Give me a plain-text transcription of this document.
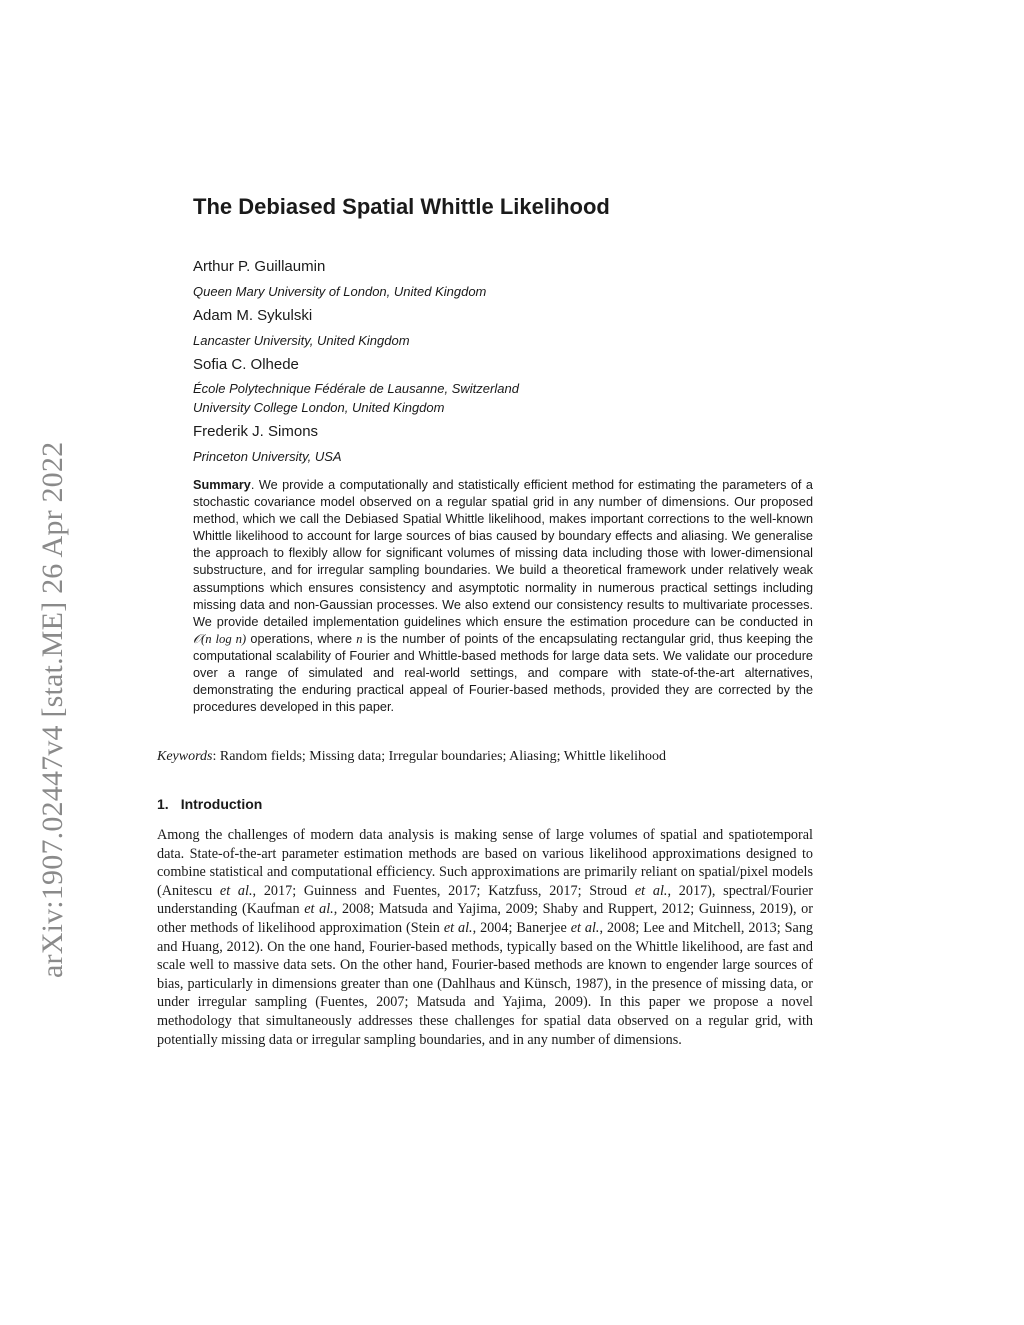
arXiv:1907.02447v4 [stat.ME] 26 Apr 2022
The Debiased Spatial Whittle Likelihood
Arthur P. Guillaumin
Queen Mary University of London, United Kingdom
Adam M. Sykulski
Lancaster University, United Kingdom
Sofia C. Olhede
École Polytechnique Fédérale de Lausanne, Switzerland
University College London, United Kingdom
Frederik J. Simons
Princeton University, USA

Summary. We provide a computationally and statistically efficient method for estimating the parameters of a stochastic covariance model observed on a regular spatial grid in any number of dimensions. Our proposed method, which we call the Debiased Spatial Whittle likelihood, makes important corrections to the well-known Whittle likelihood to account for large sources of bias caused by boundary effects and aliasing. We generalise the approach to flexibly allow for significant volumes of missing data including those with lower-dimensional substructure, and for irregular sampling boundaries. We build a theoretical framework under relatively weak assumptions which ensures consistency and asymptotic normality in numerous practical settings including missing data and non-Gaussian processes. We also extend our consistency results to multivariate processes. We provide detailed implementation guidelines which ensure the estimation procedure can be conducted in 𝒪(n log n) operations, where n is the number of points of the encapsulating rectangular grid, thus keeping the computational scalability of Fourier and Whittle-based methods for large data sets. We validate our procedure over a range of simulated and real-world settings, and compare with state-of-the-art alternatives, demonstrating the enduring practical appeal of Fourier-based methods, provided they are corrected by the procedures developed in this paper.

Keywords: Random fields; Missing data; Irregular boundaries; Aliasing; Whittle likelihood
1. Introduction

Among the challenges of modern data analysis is making sense of large volumes of spatial and spatiotemporal data. State-of-the-art parameter estimation methods are based on various likelihood approximations designed to combine statistical and computational efficiency. Such approximations are primarily reliant on spatial/pixel models (Anitescu et al., 2017; Guinness and Fuentes, 2017; Katzfuss, 2017; Stroud et al., 2017), spectral/Fourier understanding (Kaufman et al., 2008; Matsuda and Yajima, 2009; Shaby and Ruppert, 2012; Guinness, 2019), or other methods of likelihood approximation (Stein et al., 2004; Banerjee et al., 2008; Lee and Mitchell, 2013; Sang and Huang, 2012). On the one hand, Fourier-based methods, typically based on the Whittle likelihood, are fast and scale well to massive data sets. On the other hand, Fourier-based methods are known to engender large sources of bias, particularly in dimensions greater than one (Dahlhaus and Künsch, 1987), in the presence of missing data, or under irregular sampling (Fuentes, 2007; Matsuda and Yajima, 2009). In this paper we propose a novel methodology that simultaneously addresses these challenges for spatial data observed on a regular grid, with potentially missing data or irregular sampling boundaries, and in any number of dimensions.
